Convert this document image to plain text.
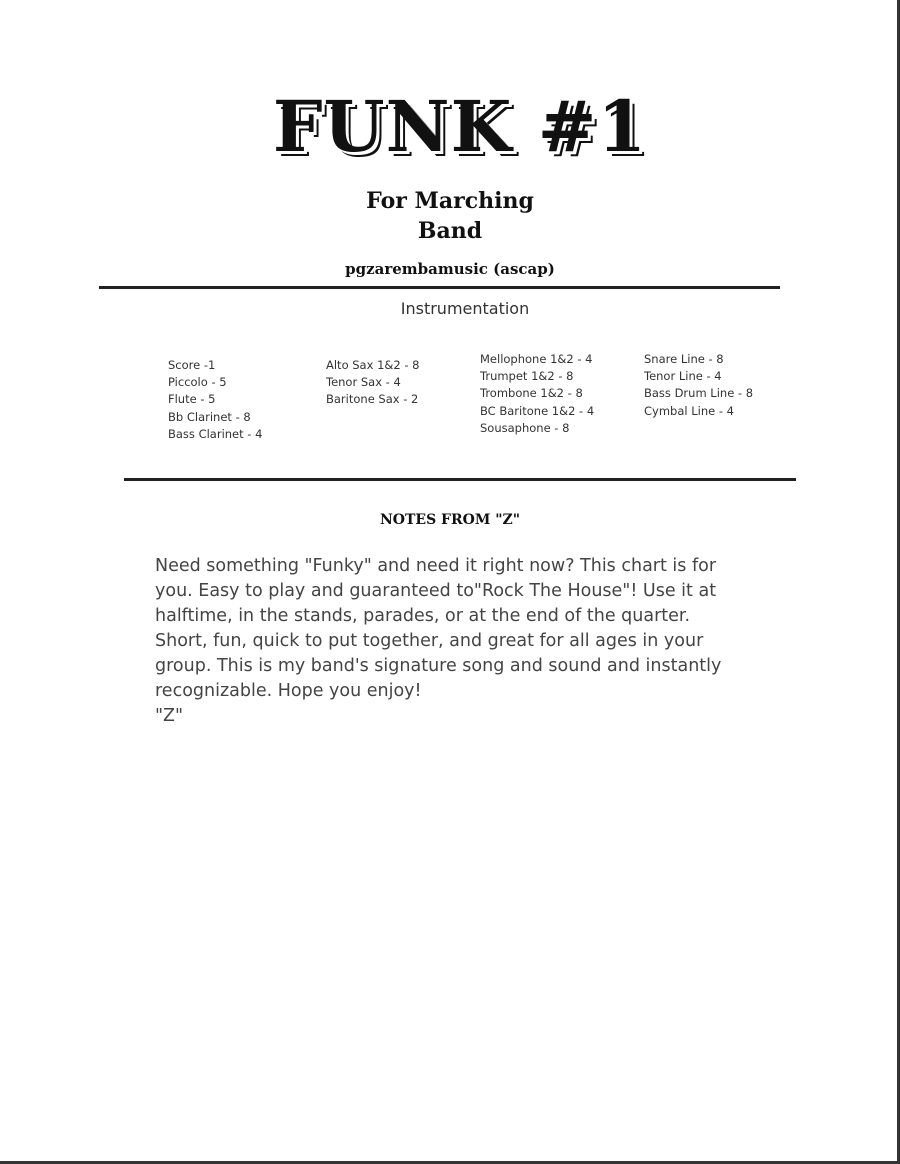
FUNK #1
For Marching
Band
pgzarembamusic (ascap)
Instrumentation
Score -1
Piccolo - 5
Flute - 5
Bb Clarinet - 8
Bass Clarinet - 4
Alto Sax 1&2 - 8
Tenor Sax - 4
Baritone Sax - 2
Mellophone 1&2 - 4
Trumpet 1&2 - 8
Trombone 1&2 - 8
BC Baritone 1&2 - 4
Sousaphone - 8
Snare Line - 8
Tenor Line - 4
Bass Drum Line - 8
Cymbal Line - 4
NOTES FROM "Z"

Need something "Funky" and need it right now? This chart is for you. Easy to play and guaranteed to"Rock The House"! Use it at halftime, in the stands, parades, or at the end of the quarter. Short, fun, quick to put together, and great for all ages in your group. This is my band's signature song and sound and instantly recognizable. Hope you enjoy!

"Z"
